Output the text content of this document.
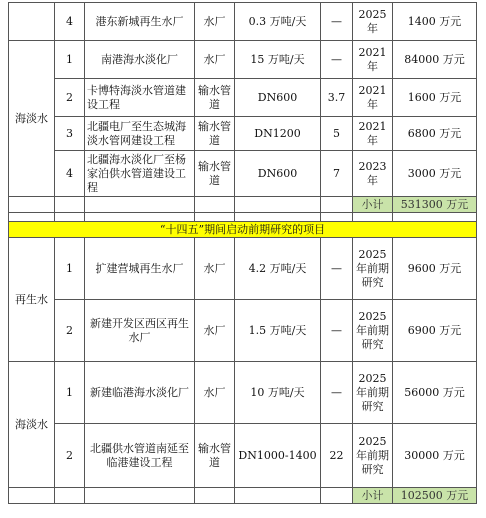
	4	港东新城再生水厂	水厂	0.3 万吨/天	—	2025 年	1400 万元
海淡水	1	南港海水淡化厂	水厂	15 万吨/天	—	2021 年	84000 万元
	2	卡博特海淡水管道建设工程	输水管道	DN600	3.7	2021 年	1600 万元
	3	北疆电厂至生态城海淡水管网建设工程	输水管道	DN1200	5	2021 年	6800 万元
	4	北疆海水淡化厂至杨家泊供水管道建设工程	输水管道	DN600	7	2023 年	3000 万元
						小计	531300 万元

“十四五”期间启动前期研究的项目							
再生水	1	扩建营城再生水厂	水厂	4.2 万吨/天	—	2025 年前期研究	9600 万元
	2	新建开发区西区再生水厂	水厂	1.5 万吨/天	—	2025 年前期研究	6900 万元
海淡水	1	新建临港海水淡化厂	水厂	10 万吨/天	—	2025 年前期研究	56000 万元
	2	北疆供水管道南延至临港建设工程	输水管道	DN1000-1400	22	2025 年前期研究	30000 万元
						小计	102500 万元
